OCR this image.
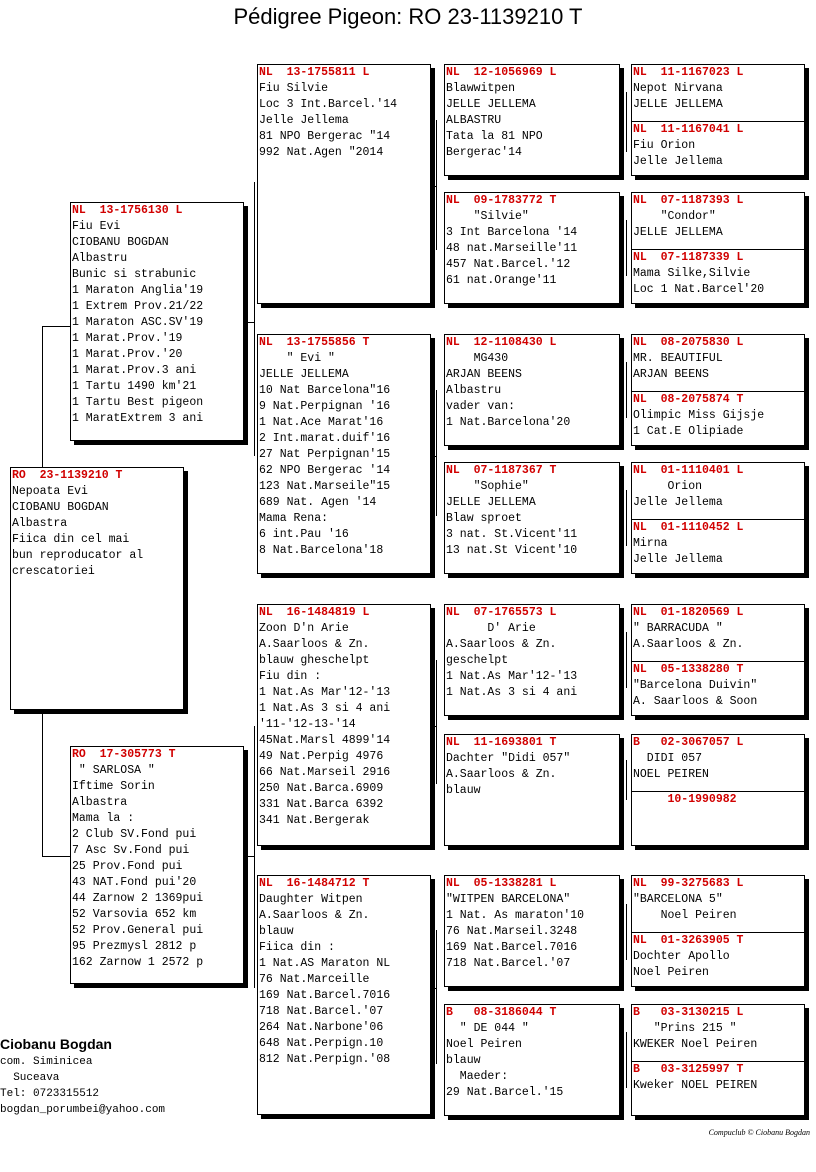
Pédigree Pigeon: RO 23-1139210 T
RO  23-1139210 T
Nepoata Evi
CIOBANU BOGDAN
Albastra
Fiica din cel mai
bun reproducator al
crescatoriei
NL  13-1756130 L
Fiu Evi
CIOBANU BOGDAN
Albastru
Bunic si strabunic
1 Maraton Anglia'19
1 Extrem Prov.21/22
1 Maraton ASC.SV'19
1 Marat.Prov.'19
1 Marat.Prov.'20
1 Marat.Prov.3 ani
1 Tartu 1490 km'21
1 Tartu Best pigeon
1 MaratExtrem 3 ani
RO  17-305773 T
" SARLOSA "
Iftime Sorin
Albastra
Mama la :
2 Club SV.Fond pui
7 Asc Sv.Fond pui
25 Prov.Fond pui
43 NAT.Fond pui'20
44 Zarnow 2 1369pui
52 Varsovia 652 km
52 Prov.General pui
95 Prezmysl 2812 p
162 Zarnow 1 2572 p
NL  13-1755811 L
Fiu Silvie
Loc 3 Int.Barcel.'14
Jelle Jellema
81 NPO Bergerac "14
992 Nat.Agen "2014
NL  13-1755856 T
" Evi "
JELLE JELLEMA
10 Nat Barcelona"16
9 Nat.Perpignan '16
1 Nat.Ace Marat'16
2 Int.marat.duif'16
27 Nat Perpignan'15
62 NPO Bergerac '14
123 Nat.Marseile"15
689 Nat. Agen '14
Mama Rena:
6 int.Pau '16
8 Nat.Barcelona'18
NL  16-1484819 L
Zoon D'n Arie
A.Saarloos & Zn.
blauw gheschelpt
Fiu din :
1 Nat.As Mar'12-'13
1 Nat.As 3 si 4 ani
'11-'12-13-'14
45Nat.Marsl 4899'14
49 Nat.Perpig 4976
66 Nat.Marseil 2916
250 Nat.Barca.6909
331 Nat.Barca 6392
341 Nat.Bergerak
NL  16-1484712 T
Daughter Witpen
A.Saarloos & Zn.
blauw
Fiica din :
1 Nat.AS Maraton NL
76 Nat.Marceille
169 Nat.Barcel.7016
718 Nat.Barcel.'07
264 Nat.Narbone'06
648 Nat.Perpign.10
812 Nat.Perpign.'08
NL  12-1056969 L
Blawwitpen
JELLE JELLEMA
ALBASTRU
Tata la 81 NPO
Bergerac'14
NL  09-1783772 T
"Silvie"
3 Int Barcelona '14
48 nat.Marseille'11
457 Nat.Barcel.'12
61 nat.Orange'11
NL  12-1108430 L
MG430
ARJAN BEENS
Albastru
vader van:
1 Nat.Barcelona'20
NL  07-1187367 T
"Sophie"
JELLE JELLEMA
Blaw sproet
3 nat. St.Vicent'11
13 nat.St Vicent'10
NL  07-1765573 L
D' Arie
A.Saarloos & Zn.
geschelpt
1 Nat.As Mar'12-'13
1 Nat.As 3 si 4 ani
NL  11-1693801 T
Dachter "Didi 057"
A.Saarloos & Zn.
blauw
NL  05-1338281 L
"WITPEN BARCELONA"
1 Nat. As maraton'10
76 Nat.Marseil.3248
169 Nat.Barcel.7016
718 Nat.Barcel.'07
B   08-3186044 T
" DE 044 "
Noel Peiren
blauw
Maeder:
29 Nat.Barcel.'15
NL  11-1167023 L
Nepot Nirvana
JELLE JELLEMA
NL  11-1167041 L
Fiu Orion
Jelle Jellema
NL  07-1187393 L
"Condor"
JELLE JELLEMA
NL  07-1187339 L
Mama Silke,Silvie
Loc 1 Nat.Barcel'20
NL  08-2075830 L
MR. BEAUTIFUL
ARJAN BEENS
NL  08-2075874 T
Olimpic Miss Gijsje
1 Cat.E Olipiade
NL  01-1110401 L
Orion
Jelle Jellema
NL  01-1110452 L
Mirna
Jelle Jellema
NL  01-1820569 L
" BARRACUDA "
A.Saarloos & Zn.
NL  05-1338280 T
"Barcelona Duivin"
A. Saarloos & Soon
B   02-3067057 L
DIDI 057
NOEL PEIREN
10-1990982
NL  99-3275683 L
"BARCELONA 5"
Noel Peiren
NL  01-3263905 T
Dochter Apollo
Noel Peiren
B   03-3130215 L
"Prins 215 "
KWEKER Noel Peiren
B   03-3125997 T
Kweker NOEL PEIREN
Ciobanu Bogdan
com. Siminicea
Suceava
Tel: 0723315512
bogdan_porumbei@yahoo.com
Compuclub © Ciobanu Bogdan
